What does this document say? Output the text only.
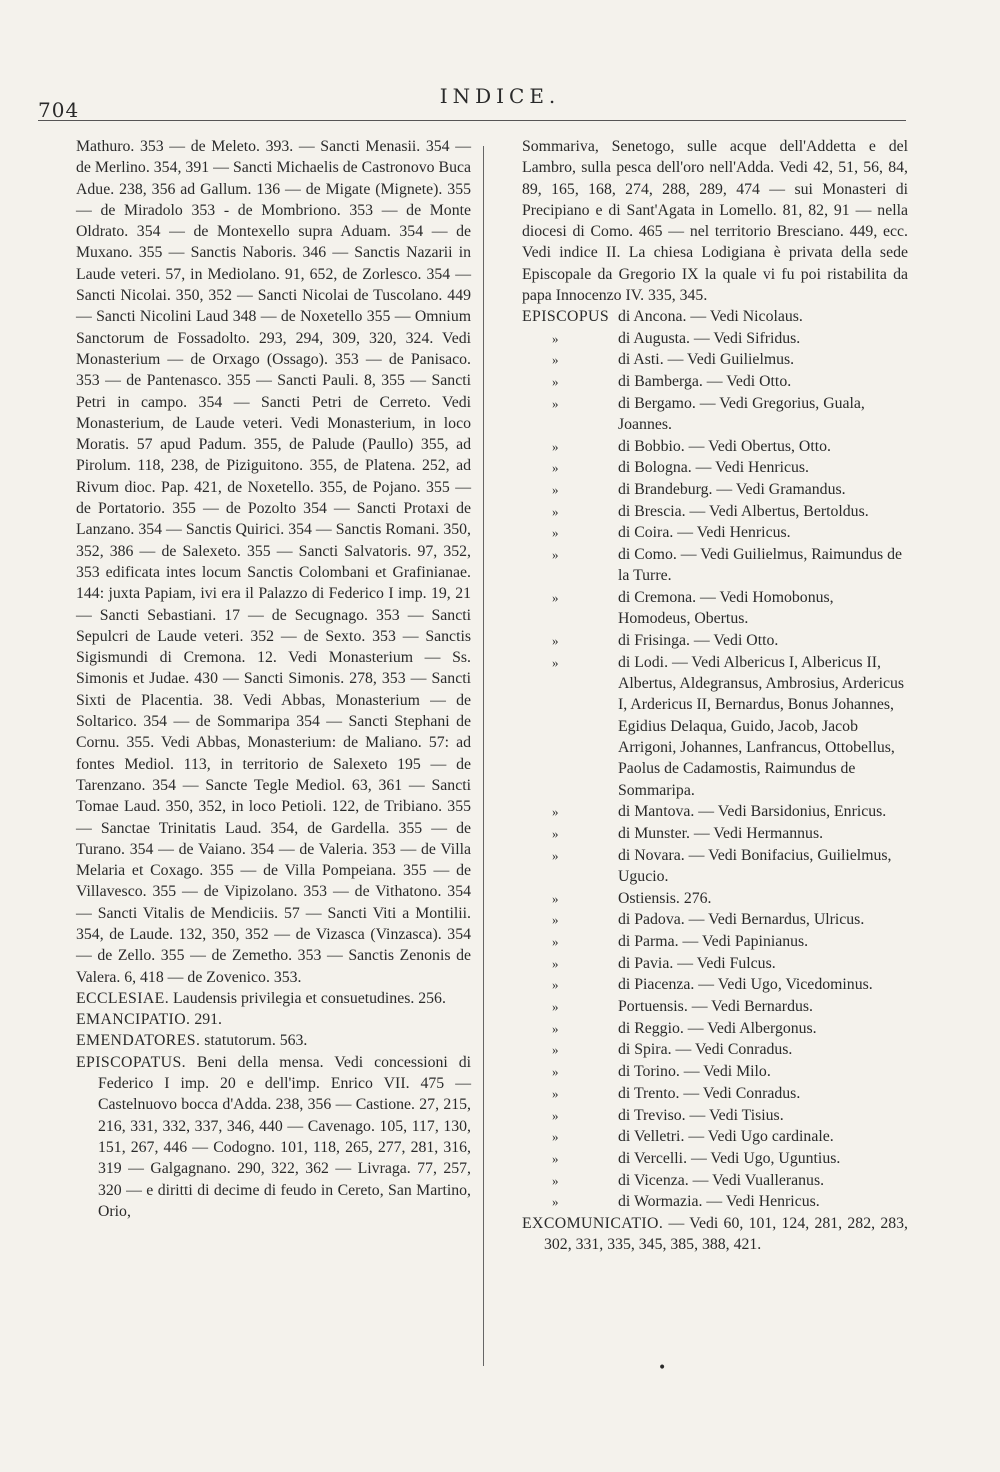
704
INDICE.

Mathuro. 353 — de Meleto. 393. — Sancti Menasii. 354 — de Merlino. 354, 391 — Sancti Michaelis de Castronovo Buca Adue. 238, 356 ad Gallum. 136 — de Migate (Mignete). 355 — de Miradolo 353 - de Mombriono. 353 — de Monte Oldrato. 354 — de Montexello supra Aduam. 354 — de Muxano. 355 — Sanctis Naboris. 346 — Sanctis Nazarii in Laude veteri. 57, in Mediolano. 91, 652, de Zorlesco. 354 — Sancti Nicolai. 350, 352 — Sancti Nicolai de Tuscolano. 449 — Sancti Nicolini Laud 348 — de Noxetello 355 — Omnium Sanctorum de Fossadolto. 293, 294, 309, 320, 324. Vedi Monasterium — de Orxago (Ossago). 353 — de Panisaco. 353 — de Pantenasco. 355 — Sancti Pauli. 8, 355 — Sancti Petri in campo. 354 — Sancti Petri de Cerreto. Vedi Monasterium, de Laude veteri. Vedi Monasterium, in loco Moratis. 57 apud Padum. 355, de Palude (Paullo) 355, ad Pirolum. 118, 238, de Piziguitono. 355, de Platena. 252, ad Rivum dioc. Pap. 421, de Noxetello. 355, de Pojano. 355 — de Portatorio. 355 — de Pozolto 354 — Sancti Protaxi de Lanzano. 354 — Sanctis Quirici. 354 — Sanctis Romani. 350, 352, 386 — de Salexeto. 355 — Sancti Salvatoris. 97, 352, 353 edificata intes locum Sanctis Colombani et Grafinianae. 144: juxta Papiam, ivi era il Palazzo di Federico I imp. 19, 21 — Sancti Sebastiani. 17 — de Secugnago. 353 — Sancti Sepulcri de Laude veteri. 352 — de Sexto. 353 — Sanctis Sigismundi di Cremona. 12. Vedi Monasterium — Ss. Simonis et Judae. 430 — Sancti Simonis. 278, 353 — Sancti Sixti de Placentia. 38. Vedi Abbas, Monasterium — de Soltarico. 354 — de Sommaripa 354 — Sancti Stephani de Cornu. 355. Vedi Abbas, Monasterium: de Maliano. 57: ad fontes Mediol. 113, in territorio de Salexeto 195 — de Tarenzano. 354 — Sancte Tegle Mediol. 63, 361 — Sancti Tomae Laud. 350, 352, in loco Petioli. 122, de Tribiano. 355 — Sanctae Trinitatis Laud. 354, de Gardella. 355 — de Turano. 354 — de Vaiano. 354 — de Valeria. 353 — de Villa Melaria et Coxago. 355 — de Villa Pompeiana. 355 — de Villavesco. 355 — de Vipizolano. 353 — de Vithatono. 354 — Sancti Vitalis de Mendiciis. 57 — Sancti Viti a Montilii. 354, de Laude. 132, 350, 352 — de Vizasca (Vinzasca). 354 — de Zello. 355 — de Zemetho. 353 — Sanctis Zenonis de Valera. 6, 418 — de Zovenico. 353.

ECCLESIAE. Laudensis privilegia et consuetudines. 256.

EMANCIPATIO. 291.

EMENDATORES. statutorum. 563.

EPISCOPATUS. Beni della mensa. Vedi concessioni di Federico I imp. 20 e dell'imp. Enrico VII. 475 — Castelnuovo bocca d'Adda. 238, 356 — Castione. 27, 215, 216, 331, 332, 337, 346, 440 — Cavenago. 105, 117, 130, 151, 267, 446 — Codogno. 101, 118, 265, 277, 281, 316, 319 — Galgagnano. 290, 322, 362 — Livraga. 77, 257, 320 — e diritti di decime di feudo in Cereto, San Martino, Orio,

Sommariva, Senetogo, sulle acque dell'Addetta e del Lambro, sulla pesca dell'oro nell'Adda. Vedi 42, 51, 56, 84, 89, 165, 168, 274, 288, 289, 474 — sui Monasteri di Precipiano e di Sant'Agata in Lomello. 81, 82, 91 — nella diocesi di Como. 465 — nel territorio Bresciano. 449, ecc. Vedi indice II. La chiesa Lodigiana è privata della sede Episcopale da Gregorio IX la quale vi fu poi ristabilita da papa Innocenzo IV. 335, 345.

EPISCOPUS di Ancona. — Vedi Nicolaus.

»	di Augusta. — Vedi Sifridus.
»	di Asti. — Vedi Guilielmus.
»	di Bamberga. — Vedi Otto.
»	di Bergamo. — Vedi Gregorius, Guala, Joannes.
»	di Bobbio. — Vedi Obertus, Otto.
»	di Bologna. — Vedi Henricus.
»	di Brandeburg. — Vedi Gramandus.
»	di Brescia. — Vedi Albertus, Bertoldus.
»	di Coira. — Vedi Henricus.
»	di Como. — Vedi Guilielmus, Raimundus de la Turre.
»	di Cremona. — Vedi Homobonus, Homodeus, Obertus.
»	di Frisinga. — Vedi Otto.
»	di Lodi. — Vedi Albericus I, Albericus II, Albertus, Aldegransus, Ambrosius, Ardericus I, Ardericus II, Bernardus, Bonus Johannes, Egidius Delaqua, Guido, Jacob, Jacob Arrigoni, Johannes, Lanfrancus, Ottobellus, Paolus de Cadamostis, Raimundus de Sommaripa.
»	di Mantova. — Vedi Barsidonius, Enricus.
»	di Munster. — Vedi Hermannus.
»	di Novara. — Vedi Bonifacius, Guilielmus, Ugucio.
»	Ostiensis. 276.
»	di Padova. — Vedi Bernardus, Ulricus.
»	di Parma. — Vedi Papinianus.
»	di Pavia. — Vedi Fulcus.
»	di Piacenza. — Vedi Ugo, Vicedominus.
»	Portuensis. — Vedi Bernardus.
»	di Reggio. — Vedi Albergonus.
»	di Spira. — Vedi Conradus.
»	di Torino. — Vedi Milo.
»	di Trento. — Vedi Conradus.
»	di Treviso. — Vedi Tisius.
»	di Velletri. — Vedi Ugo cardinale.
»	di Vercelli. — Vedi Ugo, Uguntius.
»	di Vicenza. — Vedi Vualleranus.
»	di Wormazia. — Vedi Henricus.

EXCOMUNICATIO. — Vedi 60, 101, 124, 281, 282, 283, 302, 331, 335, 345, 385, 388, 421.

•
